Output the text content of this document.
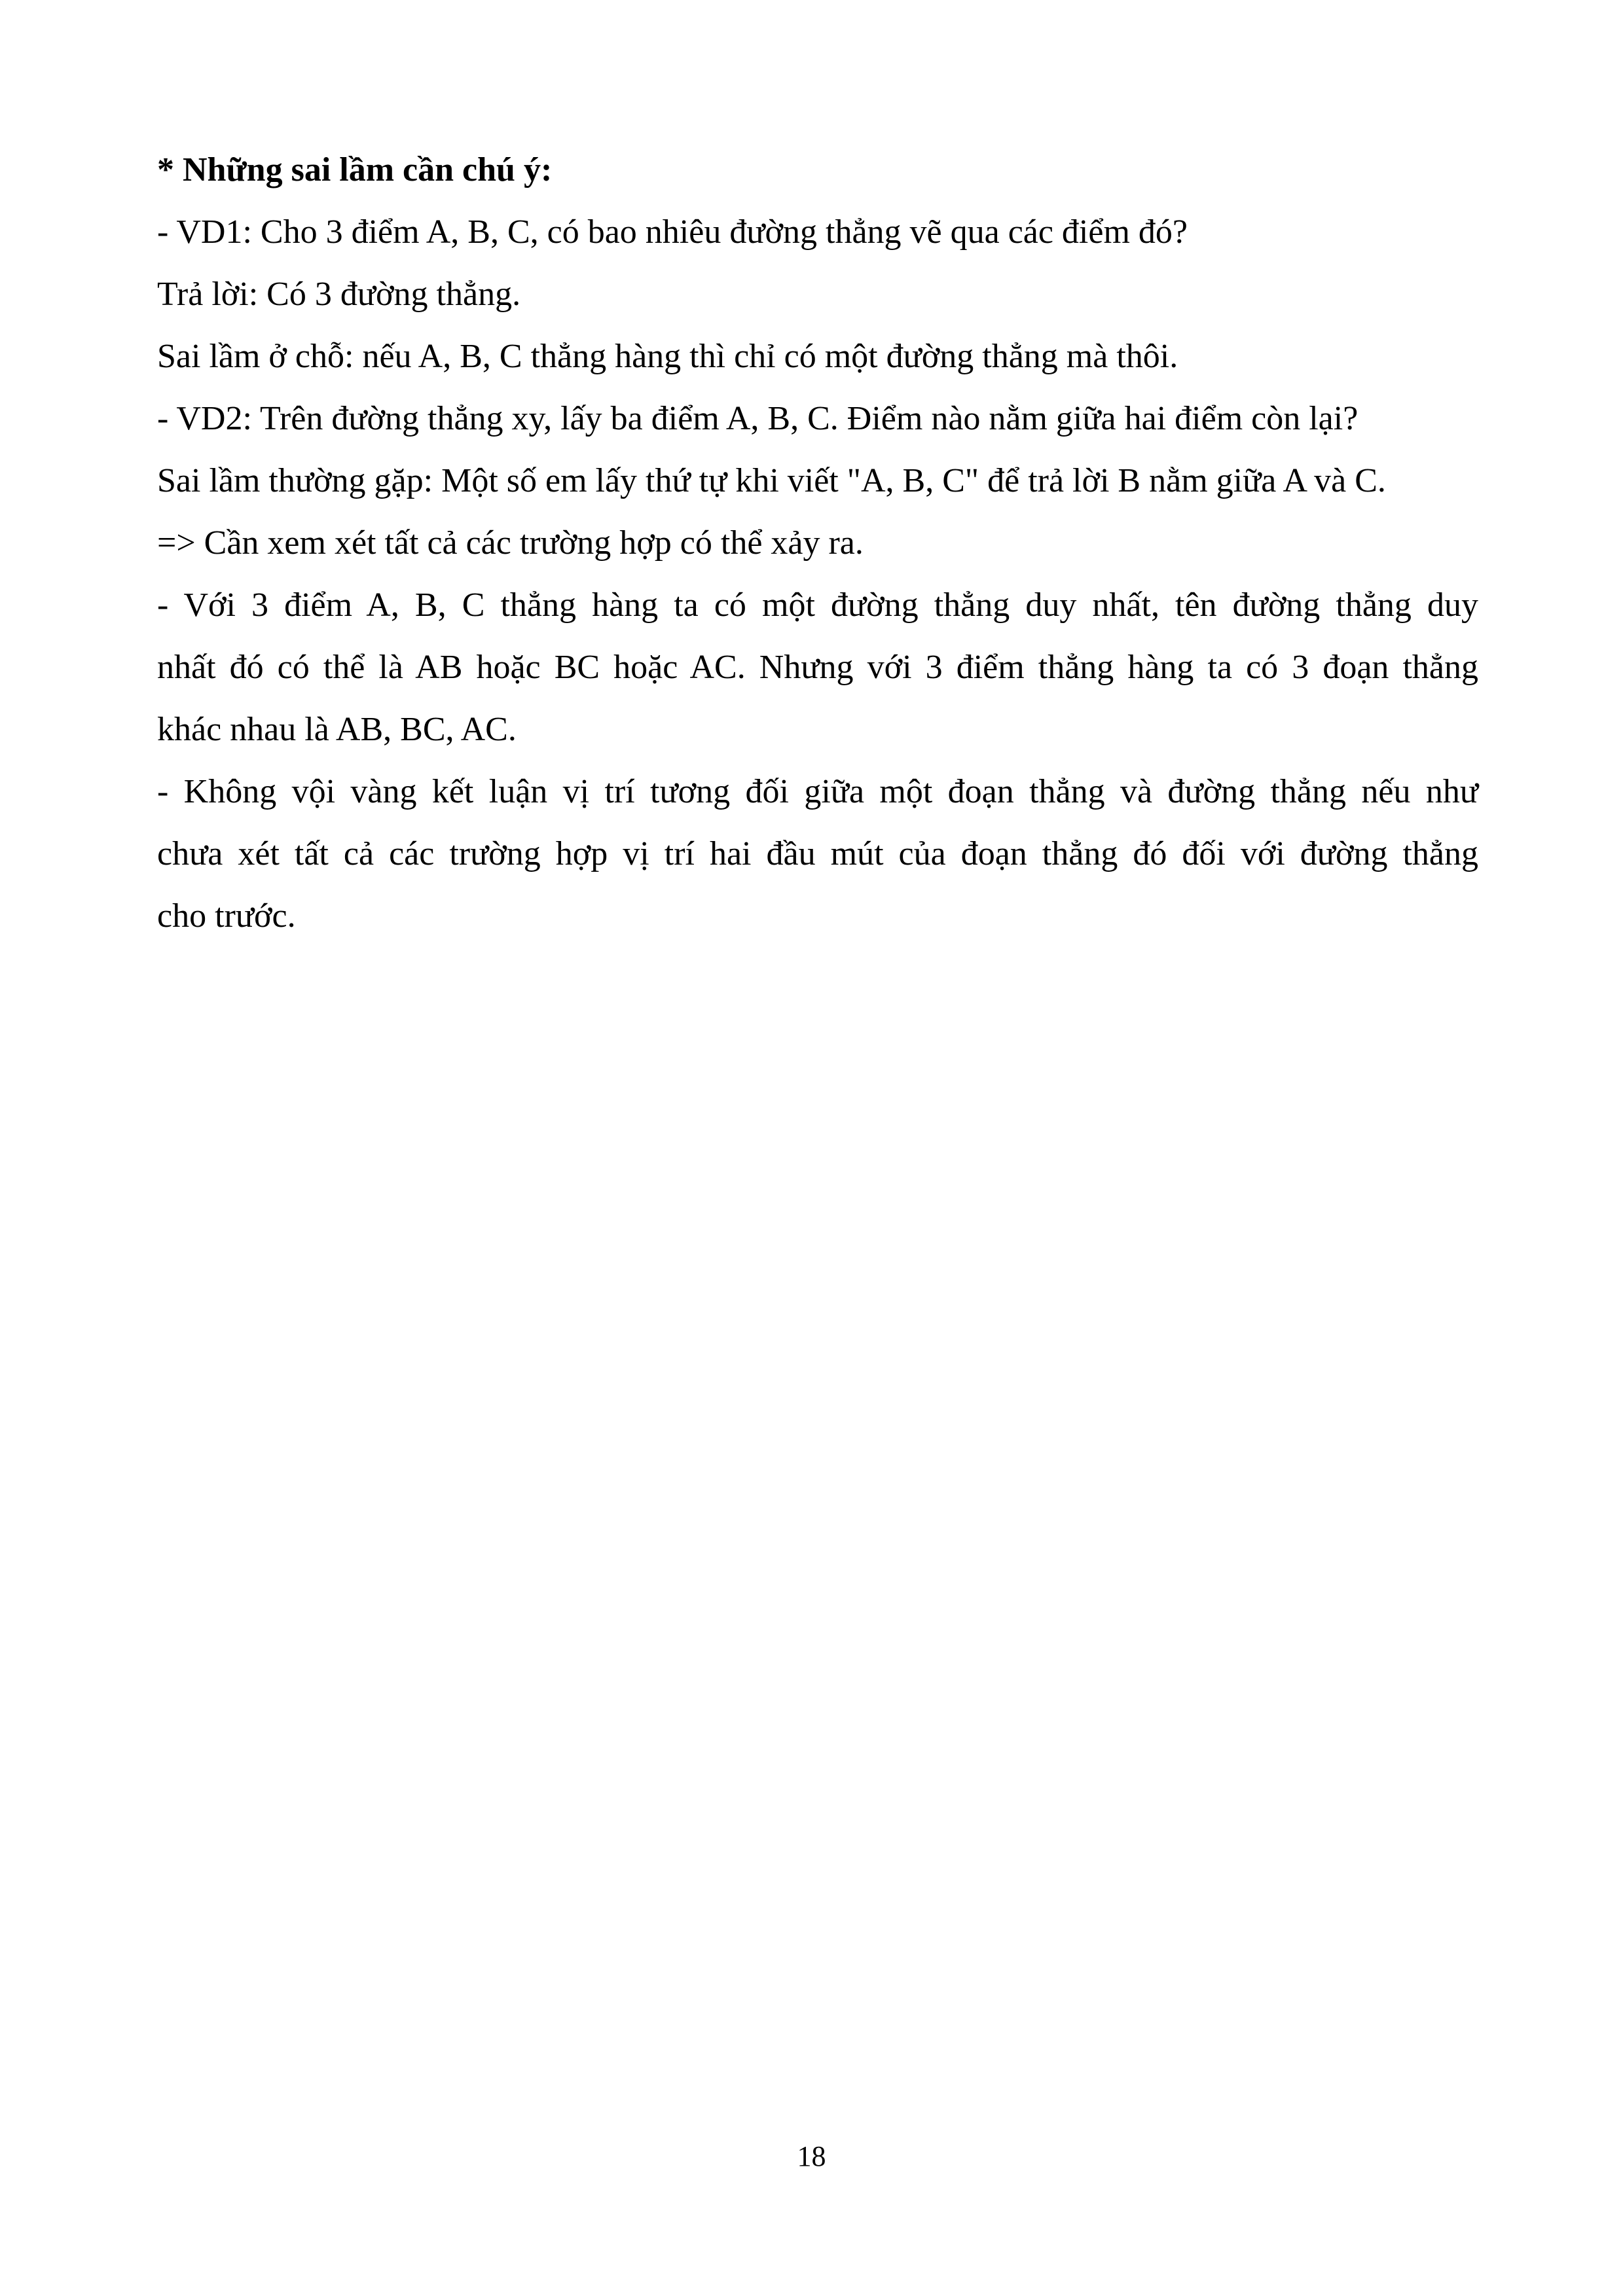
* Những sai lầm cần chú ý:
- VD1: Cho 3 điểm A, B, C, có bao nhiêu đường thẳng vẽ qua các điểm đó?
Trả lời: Có 3 đường thẳng.
Sai lầm ở chỗ: nếu A, B, C thẳng hàng thì chỉ có một đường thẳng mà thôi.
- VD2: Trên đường thẳng xy, lấy ba điểm A, B, C. Điểm nào nằm giữa hai điểm còn lại?
Sai lầm thường gặp: Một số em lấy thứ tự khi viết "A, B, C" để trả lời B nằm giữa A và C.
=> Cần xem xét tất cả các trường hợp có thể xảy ra.
- Với 3 điểm A, B, C thẳng hàng ta có một đường thẳng duy nhất, tên đường thẳng duy
nhất đó có thể là AB hoặc BC hoặc AC. Nhưng với 3 điểm thẳng hàng ta có 3 đoạn thẳng
khác nhau là AB, BC, AC.
- Không vội vàng kết luận vị trí tương đối giữa một đoạn thẳng và đường thẳng nếu như
chưa xét tất cả các trường hợp vị trí hai đầu mút của đoạn thẳng đó đối với đường thẳng
cho trước.
18
